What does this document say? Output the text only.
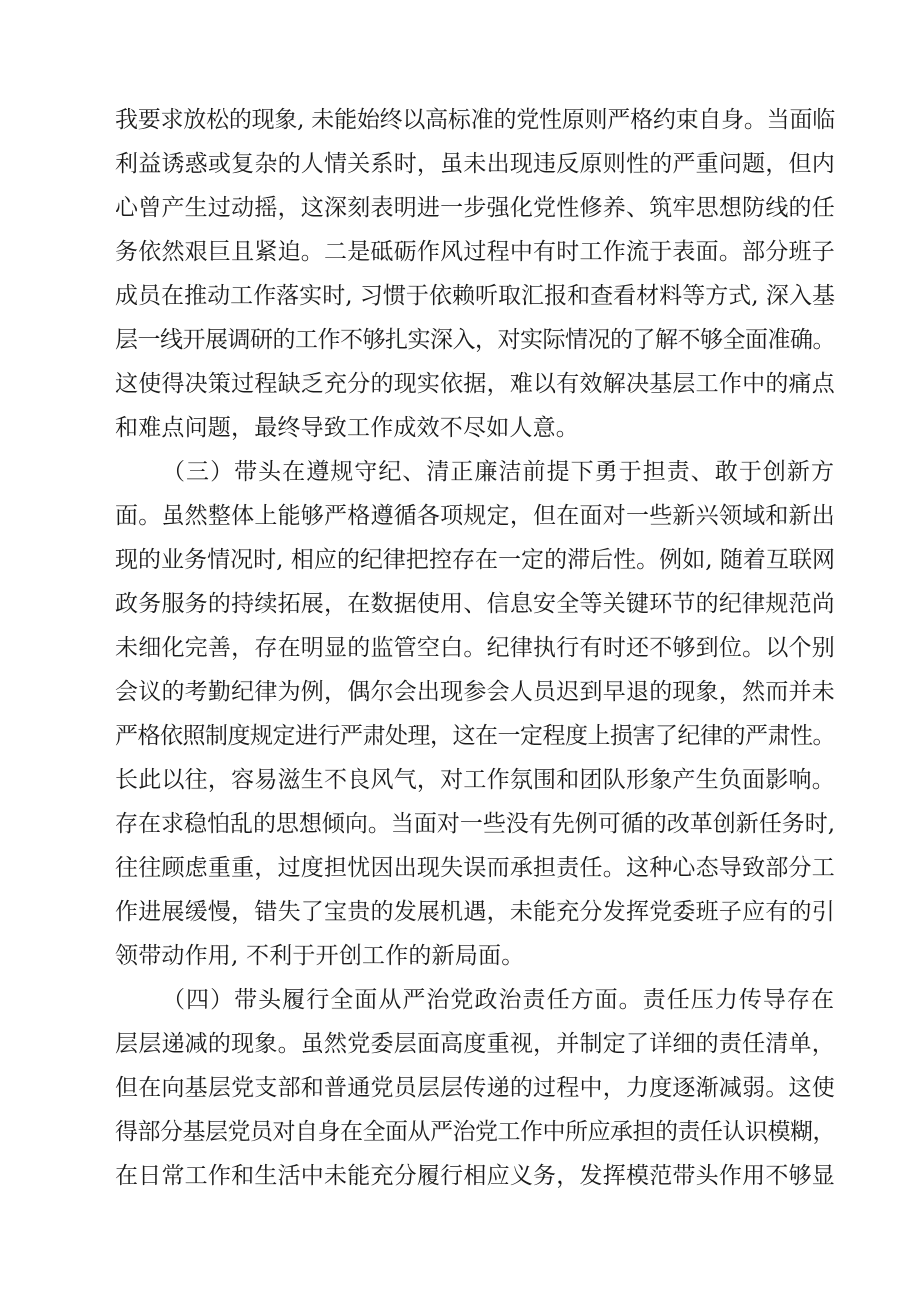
我要求放松的现象, 未能始终以高标准的党性原则严格约束自身。当面临
利益诱惑或复杂的人情关系时，虽未出现违反原则性的严重问题，但内
心曾产生过动摇，这深刻表明进一步强化党性修养、筑牢思想防线的任
务依然艰巨且紧迫。二是砥砺作风过程中有时工作流于表面。部分班子
成员在推动工作落实时, 习惯于依赖听取汇报和查看材料等方式, 深入基
层一线开展调研的工作不够扎实深入，对实际情况的了解不够全面准确。
这使得决策过程缺乏充分的现实依据，难以有效解决基层工作中的痛点
和难点问题，最终导致工作成效不尽如人意。
（三）带头在遵规守纪、清正廉洁前提下勇于担责、敢于创新方
面。虽然整体上能够严格遵循各项规定，但在面对一些新兴领域和新出
现的业务情况时, 相应的纪律把控存在一定的滞后性。例如, 随着互联网
政务服务的持续拓展，在数据使用、信息安全等关键环节的纪律规范尚
未细化完善，存在明显的监管空白。纪律执行有时还不够到位。以个别
会议的考勤纪律为例，偶尔会出现参会人员迟到早退的现象，然而并未
严格依照制度规定进行严肃处理，这在一定程度上损害了纪律的严肃性。
长此以往，容易滋生不良风气，对工作氛围和团队形象产生负面影响。
存在求稳怕乱的思想倾向。当面对一些没有先例可循的改革创新任务时,
往往顾虑重重，过度担忧因出现失误而承担责任。这种心态导致部分工
作进展缓慢，错失了宝贵的发展机遇，未能充分发挥党委班子应有的引
领带动作用, 不利于开创工作的新局面。
（四）带头履行全面从严治党政治责任方面。责任压力传导存在
层层递减的现象。虽然党委层面高度重视，并制定了详细的责任清单，
但在向基层党支部和普通党员层层传递的过程中，力度逐渐减弱。这使
得部分基层党员对自身在全面从严治党工作中所应承担的责任认识模糊，
在日常工作和生活中未能充分履行相应义务，发挥模范带头作用不够显
